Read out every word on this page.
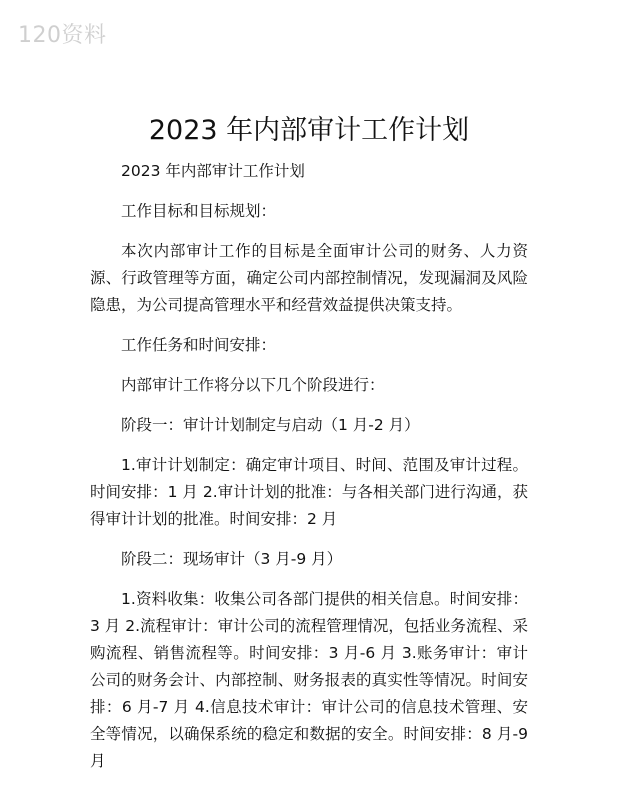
120资料
2023 年内部审计工作计划

2023 年内部审计工作计划

工作目标和目标规划：

本次内部审计工作的目标是全面审计公司的财务、人力资源、行政管理等方面，确定公司内部控制情况，发现漏洞及风险隐患，为公司提高管理水平和经营效益提供决策支持。

工作任务和时间安排：

内部审计工作将分以下几个阶段进行：

阶段一：审计计划制定与启动（1 月-2 月）

1.审计计划制定：确定审计项目、时间、范围及审计过程。时间安排：1 月 2.审计计划的批准：与各相关部门进行沟通，获得审计计划的批准。时间安排：2 月

阶段二：现场审计（3 月-9 月）

1.资料收集：收集公司各部门提供的相关信息。时间安排：3 月 2.流程审计：审计公司的流程管理情况，包括业务流程、采购流程、销售流程等。时间安排：3 月-6 月 3.账务审计：审计公司的财务会计、内部控制、财务报表的真实性等情况。时间安排：6 月-7 月 4.信息技术审计：审计公司的信息技术管理、安全等情况，以确保系统的稳定和数据的安全。时间安排：8 月-9 月
